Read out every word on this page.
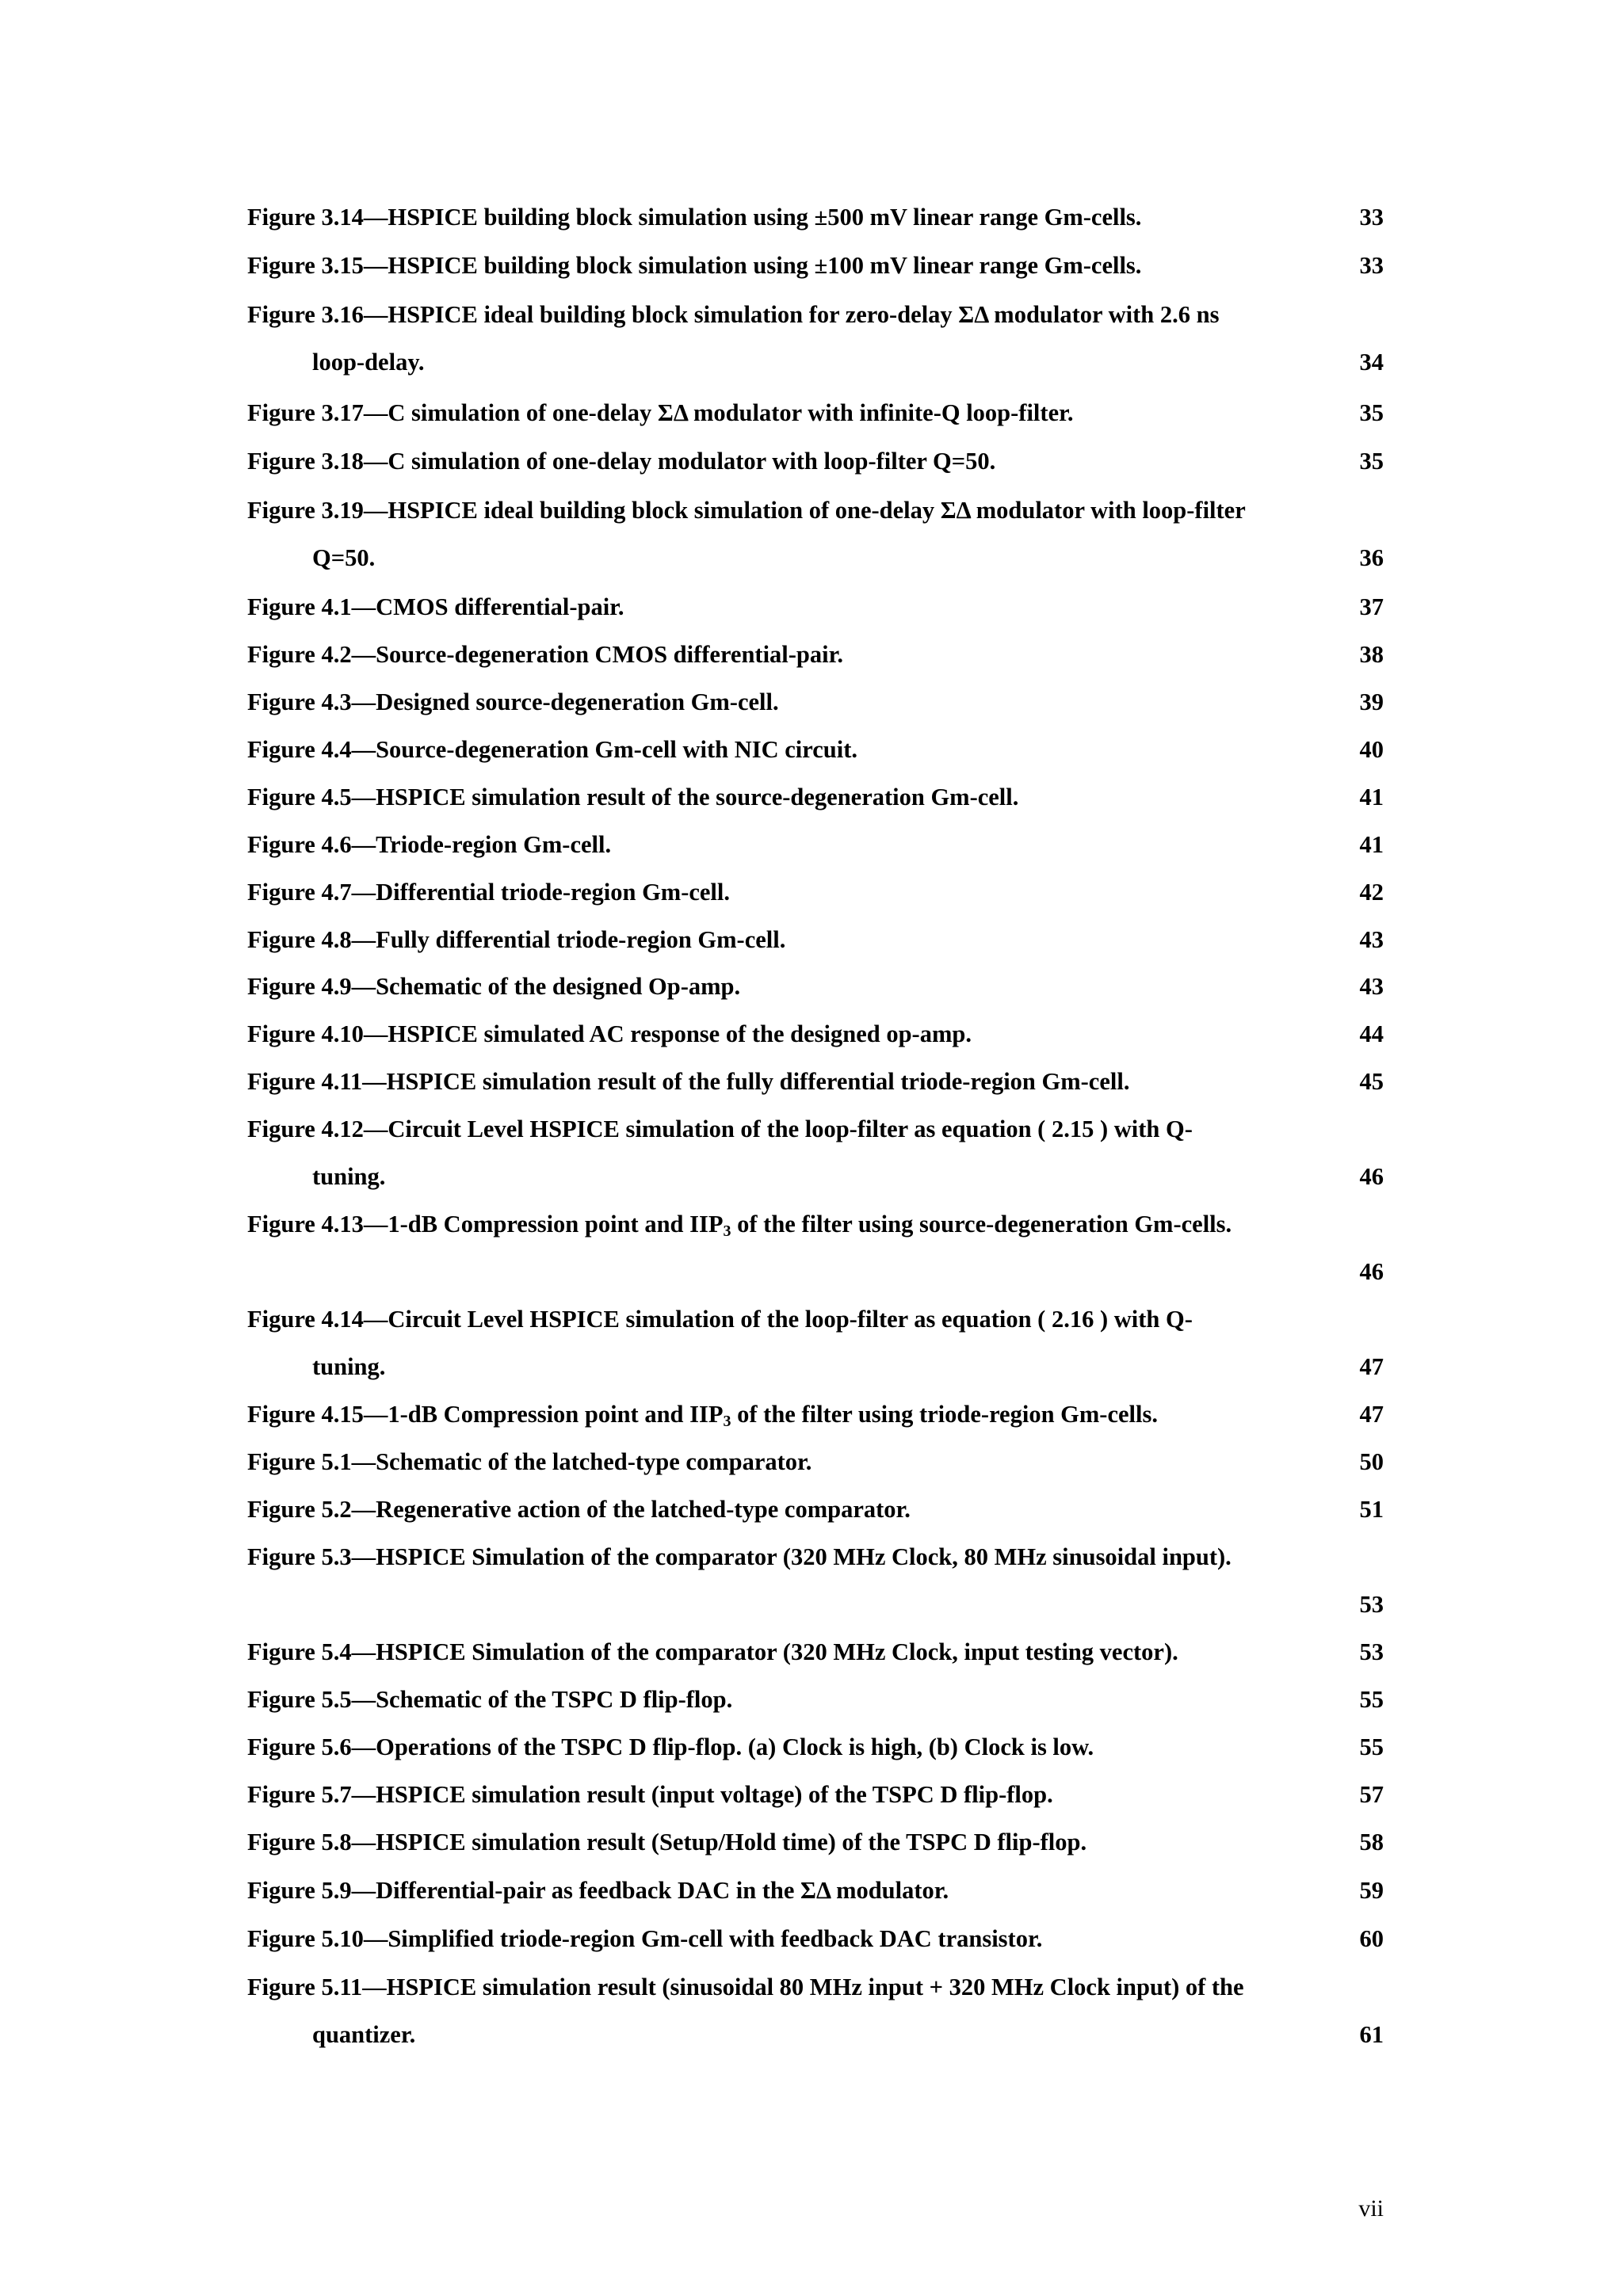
Figure 3.14—HSPICE building block simulation using ±500 mV linear range Gm-cells.	33
Figure 3.15—HSPICE building block simulation using ±100 mV linear range Gm-cells.	33
Figure 3.16—HSPICE ideal building block simulation for zero-delay ΣΔ modulator with 2.6 ns
loop-delay.	34
Figure 3.17—C simulation of one-delay ΣΔ modulator with infinite-Q loop-filter.	35
Figure 3.18—C simulation of one-delay modulator with loop-filter Q=50.	35
Figure 3.19—HSPICE ideal building block simulation of one-delay ΣΔ modulator with loop-filter
Q=50.	36
Figure 4.1—CMOS differential-pair.	37
Figure 4.2—Source-degeneration CMOS differential-pair.	38
Figure 4.3—Designed source-degeneration Gm-cell.	39
Figure 4.4—Source-degeneration Gm-cell with NIC circuit.	40
Figure 4.5—HSPICE simulation result of the source-degeneration Gm-cell.	41
Figure 4.6—Triode-region Gm-cell.	41
Figure 4.7—Differential triode-region Gm-cell.	42
Figure 4.8—Fully differential triode-region Gm-cell.	43
Figure 4.9—Schematic of the designed Op-amp.	43
Figure 4.10—HSPICE simulated AC response of the designed op-amp.	44
Figure 4.11—HSPICE simulation result of the fully differential triode-region Gm-cell.	45
Figure 4.12—Circuit Level HSPICE simulation of the loop-filter as equation ( 2.15 ) with Q-
tuning.	46
Figure 4.13—1-dB Compression point and $IIP_3$ of the filter using source-degeneration Gm-cells.
46
Figure 4.14—Circuit Level HSPICE simulation of the loop-filter as equation ( 2.16 ) with Q-
tuning.	47
Figure 4.15—1-dB Compression point and $IIP_3$ of the filter using triode-region Gm-cells.	47
Figure 5.1—Schematic of the latched-type comparator.	50
Figure 5.2—Regenerative action of the latched-type comparator.	51
Figure 5.3—HSPICE Simulation of the comparator (320 MHz Clock, 80 MHz sinusoidal input).
53
Figure 5.4—HSPICE Simulation of the comparator (320 MHz Clock, input testing vector).	53
Figure 5.5—Schematic of the TSPC D flip-flop.	55
Figure 5.6—Operations of the TSPC D flip-flop. (a) Clock is high, (b) Clock is low.	55
Figure 5.7—HSPICE simulation result (input voltage) of the TSPC D flip-flop.	57
Figure 5.8—HSPICE simulation result (Setup/Hold time) of the TSPC D flip-flop.	58
Figure 5.9—Differential-pair as feedback DAC in the ΣΔ modulator.	59
Figure 5.10—Simplified triode-region Gm-cell with feedback DAC transistor.	60
Figure 5.11—HSPICE simulation result (sinusoidal 80 MHz input + 320 MHz Clock input) of the
quantizer.	61
vii
